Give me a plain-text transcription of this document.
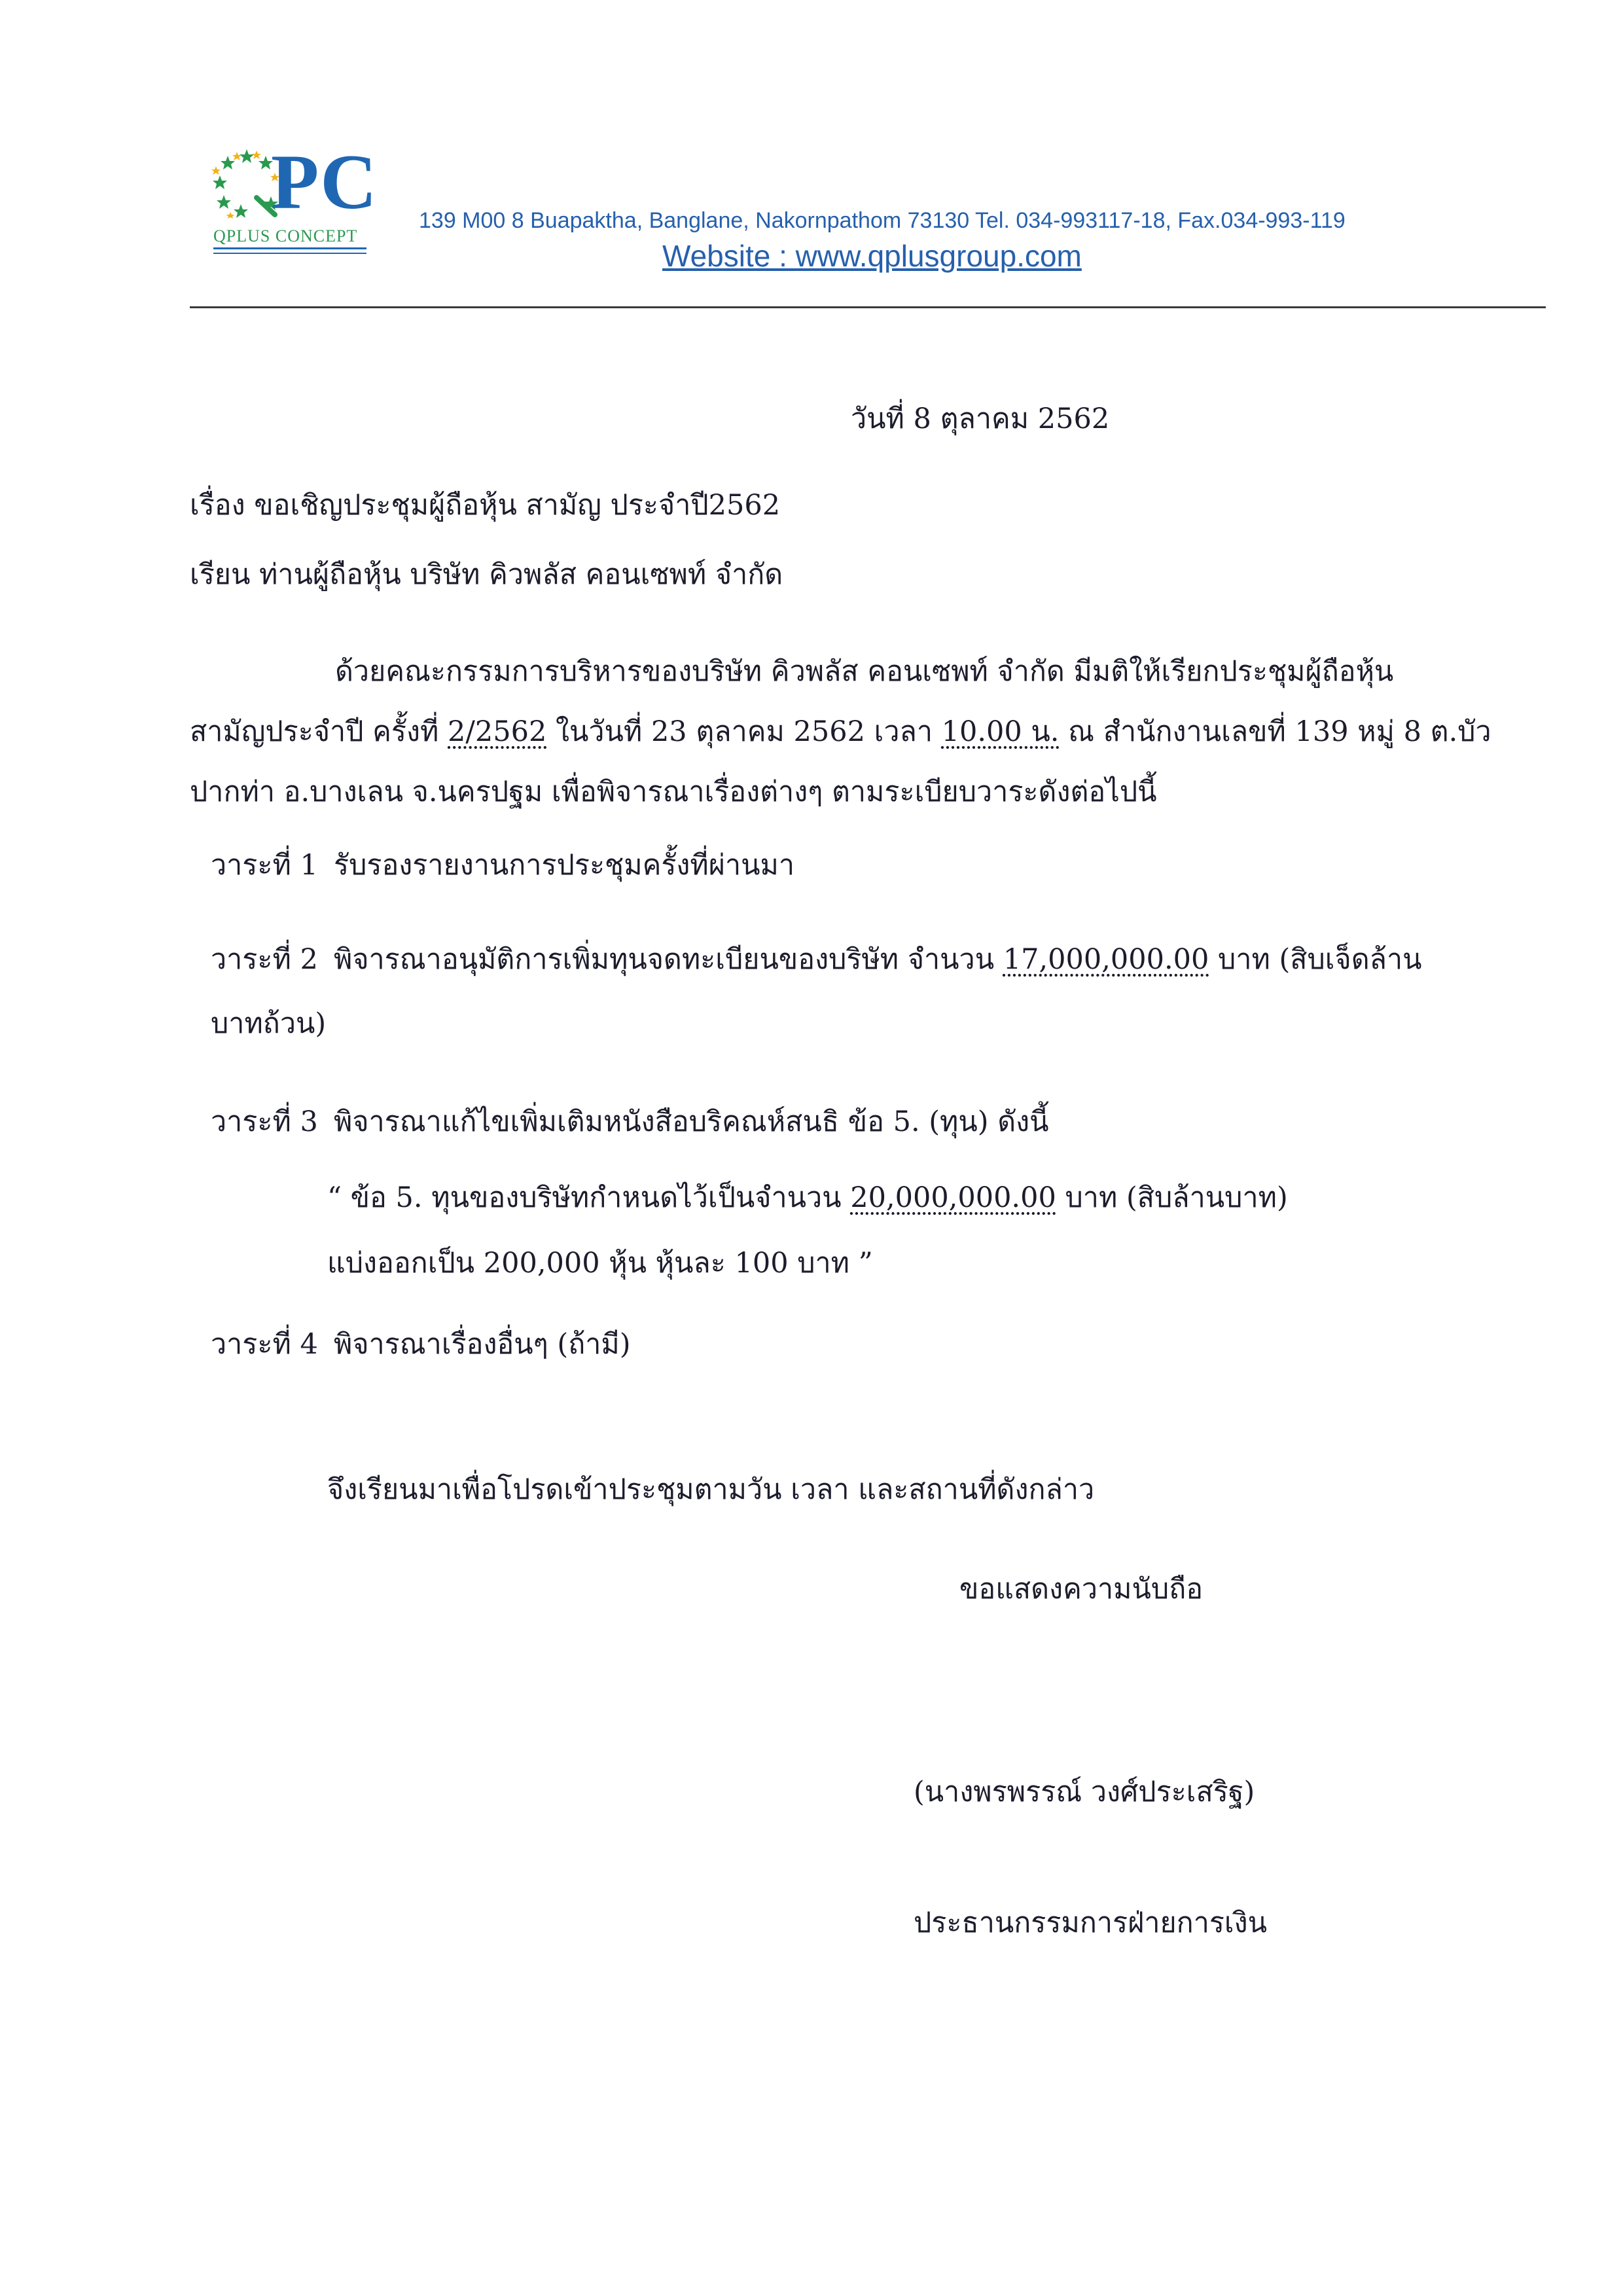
PC
QPLUS CONCEPT
139 M00 8 Buapaktha, Banglane, Nakornpathom 73130 Tel. 034-993117-18, Fax.034-993-119
Website : www.qplusgroup.com
วันที่ 8 ตุลาคม 2562
เรื่อง ขอเชิญประชุมผู้ถือหุ้น สามัญ ประจำปี2562
เรียน ท่านผู้ถือหุ้น บริษัท คิวพลัส คอนเซพท์ จำกัด
ด้วยคณะกรรมการบริหารของบริษัท คิวพลัส คอนเซพท์ จำกัด มีมติให้เรียกประชุมผู้ถือหุ้น
สามัญประจำปี ครั้งที่ 2/2562 ในวันที่ 23 ตุลาคม 2562 เวลา 10.00 น. ณ สำนักงานเลขที่ 139 หมู่ 8 ต.บัว
ปากท่า อ.บางเลน จ.นครปฐม เพื่อพิจารณาเรื่องต่างๆ ตามระเบียบวาระดังต่อไปนี้
วาระที่ 1 รับรองรายงานการประชุมครั้งที่ผ่านมา
วาระที่ 2 พิจารณาอนุมัติการเพิ่มทุนจดทะเบียนของบริษัท จำนวน 17,000,000.00 บาท (สิบเจ็ดล้าน
บาทถ้วน)
วาระที่ 3 พิจารณาแก้ไขเพิ่มเติมหนังสือบริคณห์สนธิ ข้อ 5. (ทุน) ดังนี้
“ ข้อ 5. ทุนของบริษัทกำหนดไว้เป็นจำนวน 20,000,000.00 บาท (สิบล้านบาท)
แบ่งออกเป็น 200,000 หุ้น หุ้นละ 100 บาท ”
วาระที่ 4 พิจารณาเรื่องอื่นๆ (ถ้ามี)
จึงเรียนมาเพื่อโปรดเข้าประชุมตามวัน เวลา และสถานที่ดังกล่าว
ขอแสดงความนับถือ
(นางพรพรรณ์ วงศ์ประเสริฐ)
ประธานกรรมการฝ่ายการเงิน
